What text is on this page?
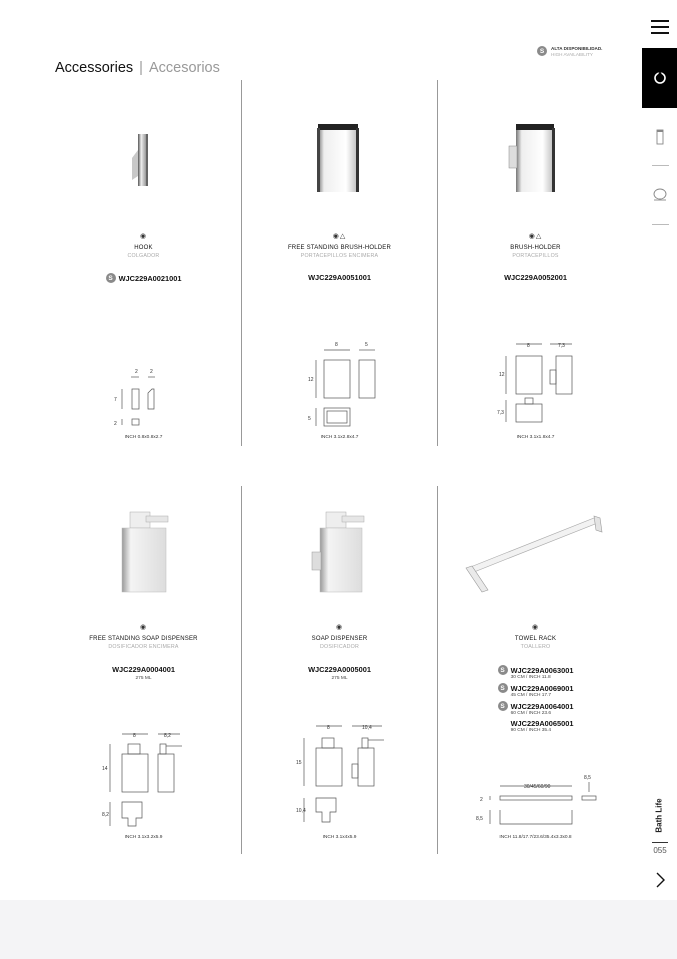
Accessories | Accesorios
S	ALTA DISPONIBILIDAD.
HIGH AVAILABILITY
◉
HOOK
COLGADOR
S WJC229A0021001
2 2
7
2
INCH 0.8x0.8x2.7
◉△
FREE STANDING BRUSH-HOLDER
PORTACEPILLOS ENCIMERA
WJC229A0051001
8	5
12
5
INCH 3.1x2.8x4.7
◉△
BRUSH-HOLDER
PORTACEPILLOS
WJC229A0052001
8	7,3
12
7,3
INCH 3.1x1.8x4.7
◉
FREE STANDING SOAP DISPENSER
DOSIFICADOR ENCIMERA
WJC229A0004001
275 ML
8	8,2
14
8,2
INCH 3.1x3.2x5.9
◉
SOAP DISPENSER
DOSIFICADOR
WJC229A0005001
275 ML
8	10,4
15
10,4
INCH 3.1x4x5.9
◉
TOWEL RACK
TOALLERO
S WJC229A0063001
30 CM / INCH 11.8
S WJC229A0069001
45 CM / INCH 17.7
S WJC229A0064001
60 CM / INCH 23.6
WJC229A0065001
90 CM / INCH 35.4
30/45/60/90
8,5
2
8,5
INCH 11.8/17.7/23.6/35.4x3.3x0.8
Bath Life
055
